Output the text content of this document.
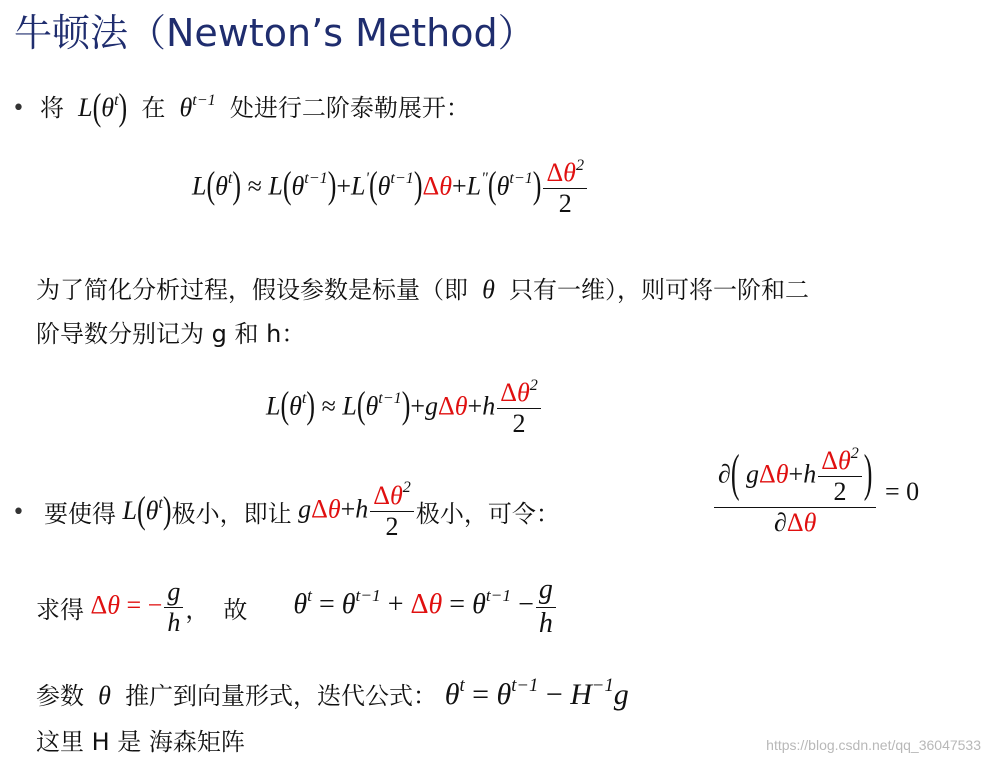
牛顿法（Newton’s Method）
• 将  $L(\theta^t)$ 在  $\theta^{t-1}$ 处进行二阶泰勒展开：
$L(\theta^t) \approx L(\theta^{t-1})+L'(\theta^{t-1})\Delta\theta+L^"(\theta^{t-1}) \frac{\Delta\theta^2}{2}$
为了简化分析过程，假设参数是标量（即  θ  只有一维），则可将一阶和二
阶导数分别记为 g 和 h：
$L(\theta^t) \approx L(\theta^{t-1})+g\Delta\theta+h \frac{\Delta\theta^2}{2}$
• 要使得 $L(\theta^t)$ 极小，即让 $g\Delta\theta+h \frac{\Delta\theta^2}{2}$ 极小，可令：	$\frac{\partial( g\Delta\theta+h \frac{\Delta\theta^2}{2} )}{\partial\Delta\theta} = 0$
求得 Δθ = − $\frac{g}{h}$ ， 故 $\theta^t = \theta^{t-1} + \Delta\theta = \theta^{t-1} - \frac{g}{h}$
参数  θ  推广到向量形式，迭代公式： $\theta^t = \theta^{t-1} - H^{-1}g$
这里 H 是 海森矩阵	https://blog.csdn.net/qq_36047533
